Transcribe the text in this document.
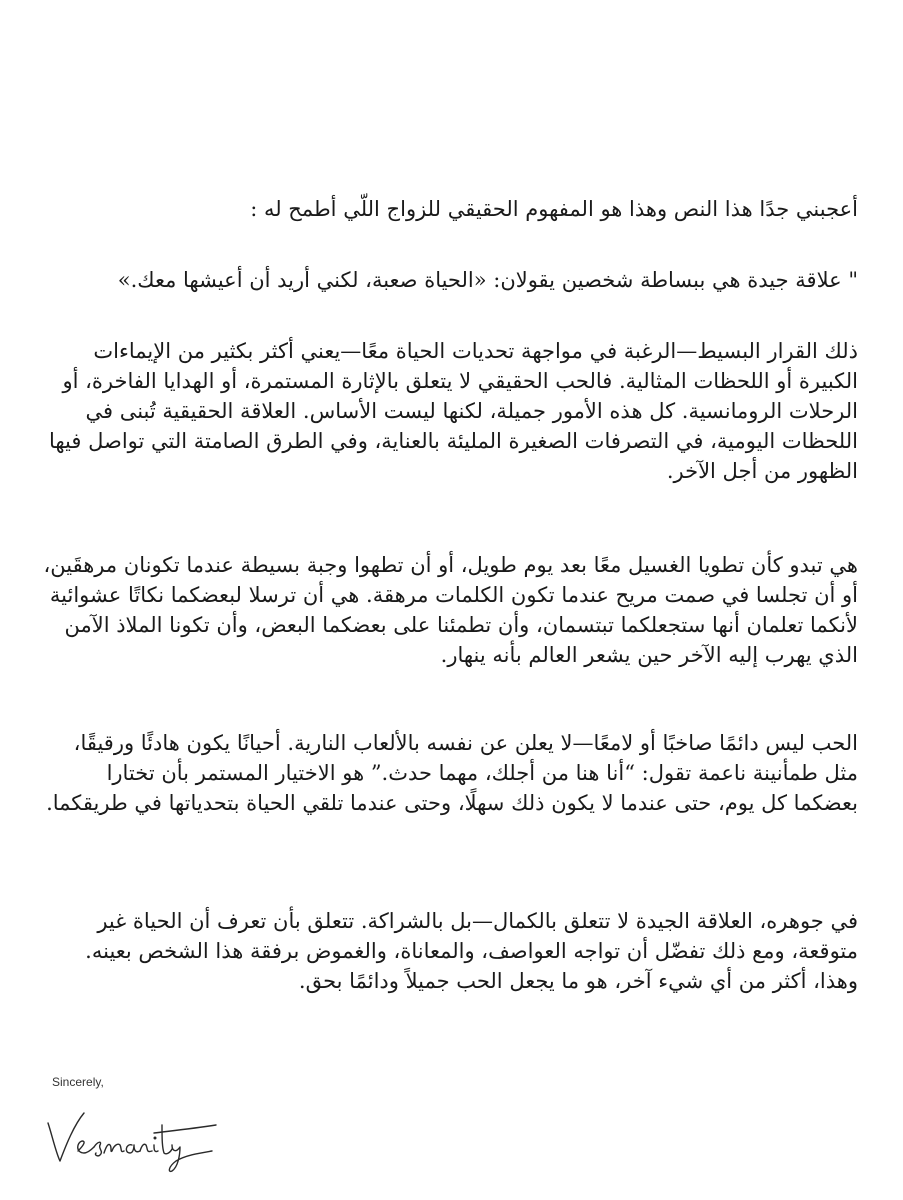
أعجبني جدًا هذا النص وهذا هو المفهوم الحقيقي للزواج اللّي أطمح له :

" علاقة جيدة هي ببساطة شخصين يقولان: «الحياة صعبة، لكني أريد أن أعيشها معك.»

ذلك القرار البسيط—الرغبة في مواجهة تحديات الحياة معًا—يعني أكثر بكثير من الإيماءات الكبيرة أو اللحظات المثالية. فالحب الحقيقي لا يتعلق بالإثارة المستمرة، أو الهدايا الفاخرة، أو الرحلات الرومانسية. كل هذه الأمور جميلة، لكنها ليست الأساس. العلاقة الحقيقية تُبنى في اللحظات اليومية، في التصرفات الصغيرة المليئة بالعناية، وفي الطرق الصامتة التي تواصل فيها الظهور من أجل الآخر.

هي تبدو كأن تطويا الغسيل معًا بعد يوم طويل، أو أن تطهوا وجبة بسيطة عندما تكونان مرهقَين، أو أن تجلسا في صمت مريح عندما تكون الكلمات مرهقة. هي أن ترسلا لبعضكما نكاتًا عشوائية لأنكما تعلمان أنها ستجعلكما تبتسمان، وأن تطمئنا على بعضكما البعض، وأن تكونا الملاذ الآمن الذي يهرب إليه الآخر حين يشعر العالم بأنه ينهار.

الحب ليس دائمًا صاخبًا أو لامعًا—لا يعلن عن نفسه بالألعاب النارية. أحيانًا يكون هادئًا ورقيقًا، مثل طمأنينة ناعمة تقول: “أنا هنا من أجلك، مهما حدث.” هو الاختيار المستمر بأن تختارا بعضكما كل يوم، حتى عندما لا يكون ذلك سهلًا، وحتى عندما تلقي الحياة بتحدياتها في طريقكما.

في جوهره، العلاقة الجيدة لا تتعلق بالكمال—بل بالشراكة. تتعلق بأن تعرف أن الحياة غير متوقعة، ومع ذلك تفضّل أن تواجه العواصف، والمعاناة، والغموض برفقة هذا الشخص بعينه. وهذا، أكثر من أي شيء آخر، هو ما يجعل الحب جميلاً ودائمًا بحق.

Sincerely,
